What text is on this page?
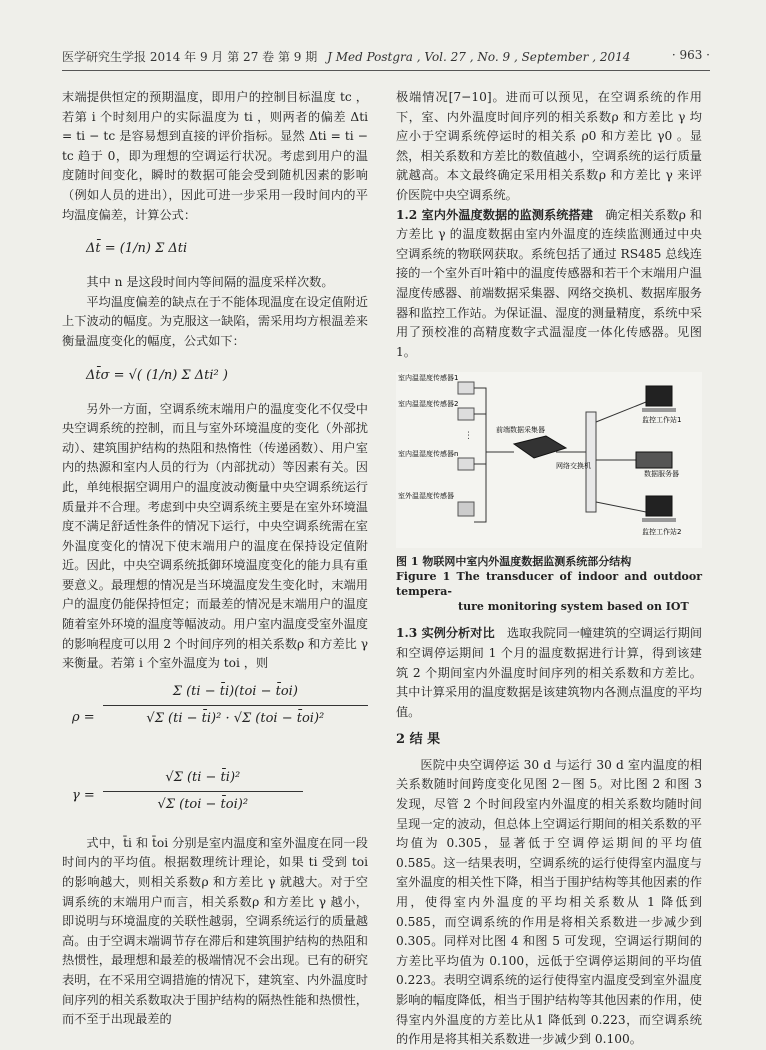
医学研究生学报 2014 年 9 月 第 27 卷 第 9 期 J Med Postgra , Vol. 27 , No. 9 , September , 2014	· 963 ·

末端提供恒定的预期温度，即用户的控制目标温度 tc ，若第 i 个时刻用户的实际温度为 ti ，则两者的偏差 Δti = ti − tc 是容易想到直接的评价指标。显然 Δti = ti − tc 趋于 0，即为理想的空调运行状况。考虑到用户的温度随时间变化，瞬时的数据可能会受到随机因素的影响（例如人员的进出），因此可进一步采用一段时间内的平均温度偏差，计算公式：

Δt̄ = (1/n) Σ Δti

其中 n 是这段时间内等间隔的温度采样次数。

平均温度偏差的缺点在于不能体现温度在设定值附近上下波动的幅度。为克服这一缺陷，需采用均方根温差来衡量温度变化的幅度，公式如下：

Δt̄σ = √( (1/n) Σ Δti² )

另外一方面，空调系统末端用户的温度变化不仅受中央空调系统的控制，而且与室外环境温度的变化（外部扰动）、建筑围护结构的热阻和热惰性（传递函数）、用户室内的热源和室内人员的行为（内部扰动）等因素有关。因此，单纯根据空调用户的温度波动衡量中央空调系统运行质量并不合理。考虑到中央空调系统主要是在室外环境温度不满足舒适性条件的情况下运行，中央空调系统需在室外温度变化的情况下使末端用户的温度在保持设定值附近。因此，中央空调系统抵御环境温度变化的能力具有重要意义。最理想的情况是当环境温度发生变化时，末端用户的温度仍能保持恒定；而最差的情况是末端用户的温度随着室外环境的温度等幅波动。用户室内温度受室外温度的影响程度可以用 2 个时间序列的相关系数ρ 和方差比 γ 来衡量。若第 i 个室外温度为 toi ，则

ρ =
Σ (ti − t̄i)(toi − t̄oi)
√Σ (ti − t̄i)² · √Σ (toi − t̄oi)²
γ =
√Σ (ti − t̄i)²
√Σ (toi − t̄oi)²

式中，t̄i 和 t̄oi 分别是室内温度和室外温度在同一段时间内的平均值。根据数理统计理论，如果 ti 受到 toi 的影响越大，则相关系数ρ 和方差比 γ 就越大。对于空调系统的末端用户而言，相关系数ρ 和方差比 γ 越小，即说明与环境温度的关联性越弱，空调系统运行的质量越高。由于空调末端调节存在滞后和建筑围护结构的热阻和热惯性，最理想和最差的极端情况不会出现。已有的研究表明，在不采用空调措施的情况下，建筑室、内外温度时间序列的相关系数取决于围护结构的隔热性能和热惯性，而不至于出现最差的

极端情况[7−10]。进而可以预见，在空调系统的作用下，室、内外温度时间序列的相关系数ρ 和方差比 γ 均应小于空调系统停运时的相关系 ρ0 和方差比 γ0 。显然，相关系数和方差比的数值越小，空调系统的运行质量就越高。本文最终确定采用相关系数ρ 和方差比 γ 来评价医院中央空调系统。

1.2 室内外温度数据的监测系统搭建　 确定相关系数ρ 和方差比 γ 的温度数据由室内外温度的连续监测通过中央空调系统的物联网获取。系统包括了通过 RS485 总线连接的一个室外百叶箱中的温度传感器和若干个末端用户温湿度传感器、前端数据采集器、网络交换机、数据库服务器和监控工作站。为保证温、湿度的测量精度，系统中采用了预校准的高精度数字式温湿度一体化传感器。见图 1。

室内温湿度传感器1
室内温湿度传感器2
室内温湿度传感器n
室外温湿度传感器
⋮
前端数据采集器
网络交换机
监控工作站1
数据服务器
监控工作站2
图 1 物联网中室内外温度数据监测系统部分结构
Figure 1 The transducer of indoor and outdoor tempera-
ture monitoring system based on IOT

1.3 实例分析对比　 选取我院同一幢建筑的空调运行期间和空调停运期间 1 个月的温度数据进行计算，得到该建筑 2 个期间室内外温度时间序列的相关系数和方差比。其中计算采用的温度数据是该建筑物内各测点温度的平均值。

2 结 果

医院中央空调停运 30 d 与运行 30 d 室内温度的相关系数随时间跨度变化见图 2－图 5。对比图 2 和图 3 发现，尽管 2 个时间段室内外温度的相关系数均随时间呈现一定的波动，但总体上空调运行期间的相关系数的平均值为 0.305，显著低于空调停运期间的平均值 0.585。这一结果表明，空调系统的运行使得室内温度与室外温度的相关性下降，相当于围护结构等其他因素的作用，使得室内外温度的平均相关系数从 1 降低到 0.585，而空调系统的作用是将相关系数进一步减少到0.305。同样对比图 4 和图 5 可发现，空调运行期间的方差比平均值为 0.100，远低于空调停运期间的平均值 0.223。表明空调系统的运行使得室内温度受到室外温度影响的幅度降低，相当于围护结构等其他因素的作用，使得室内外温度的方差比从1 降低到 0.223，而空调系统的作用是将其相关系数进一步减少到 0.100。
